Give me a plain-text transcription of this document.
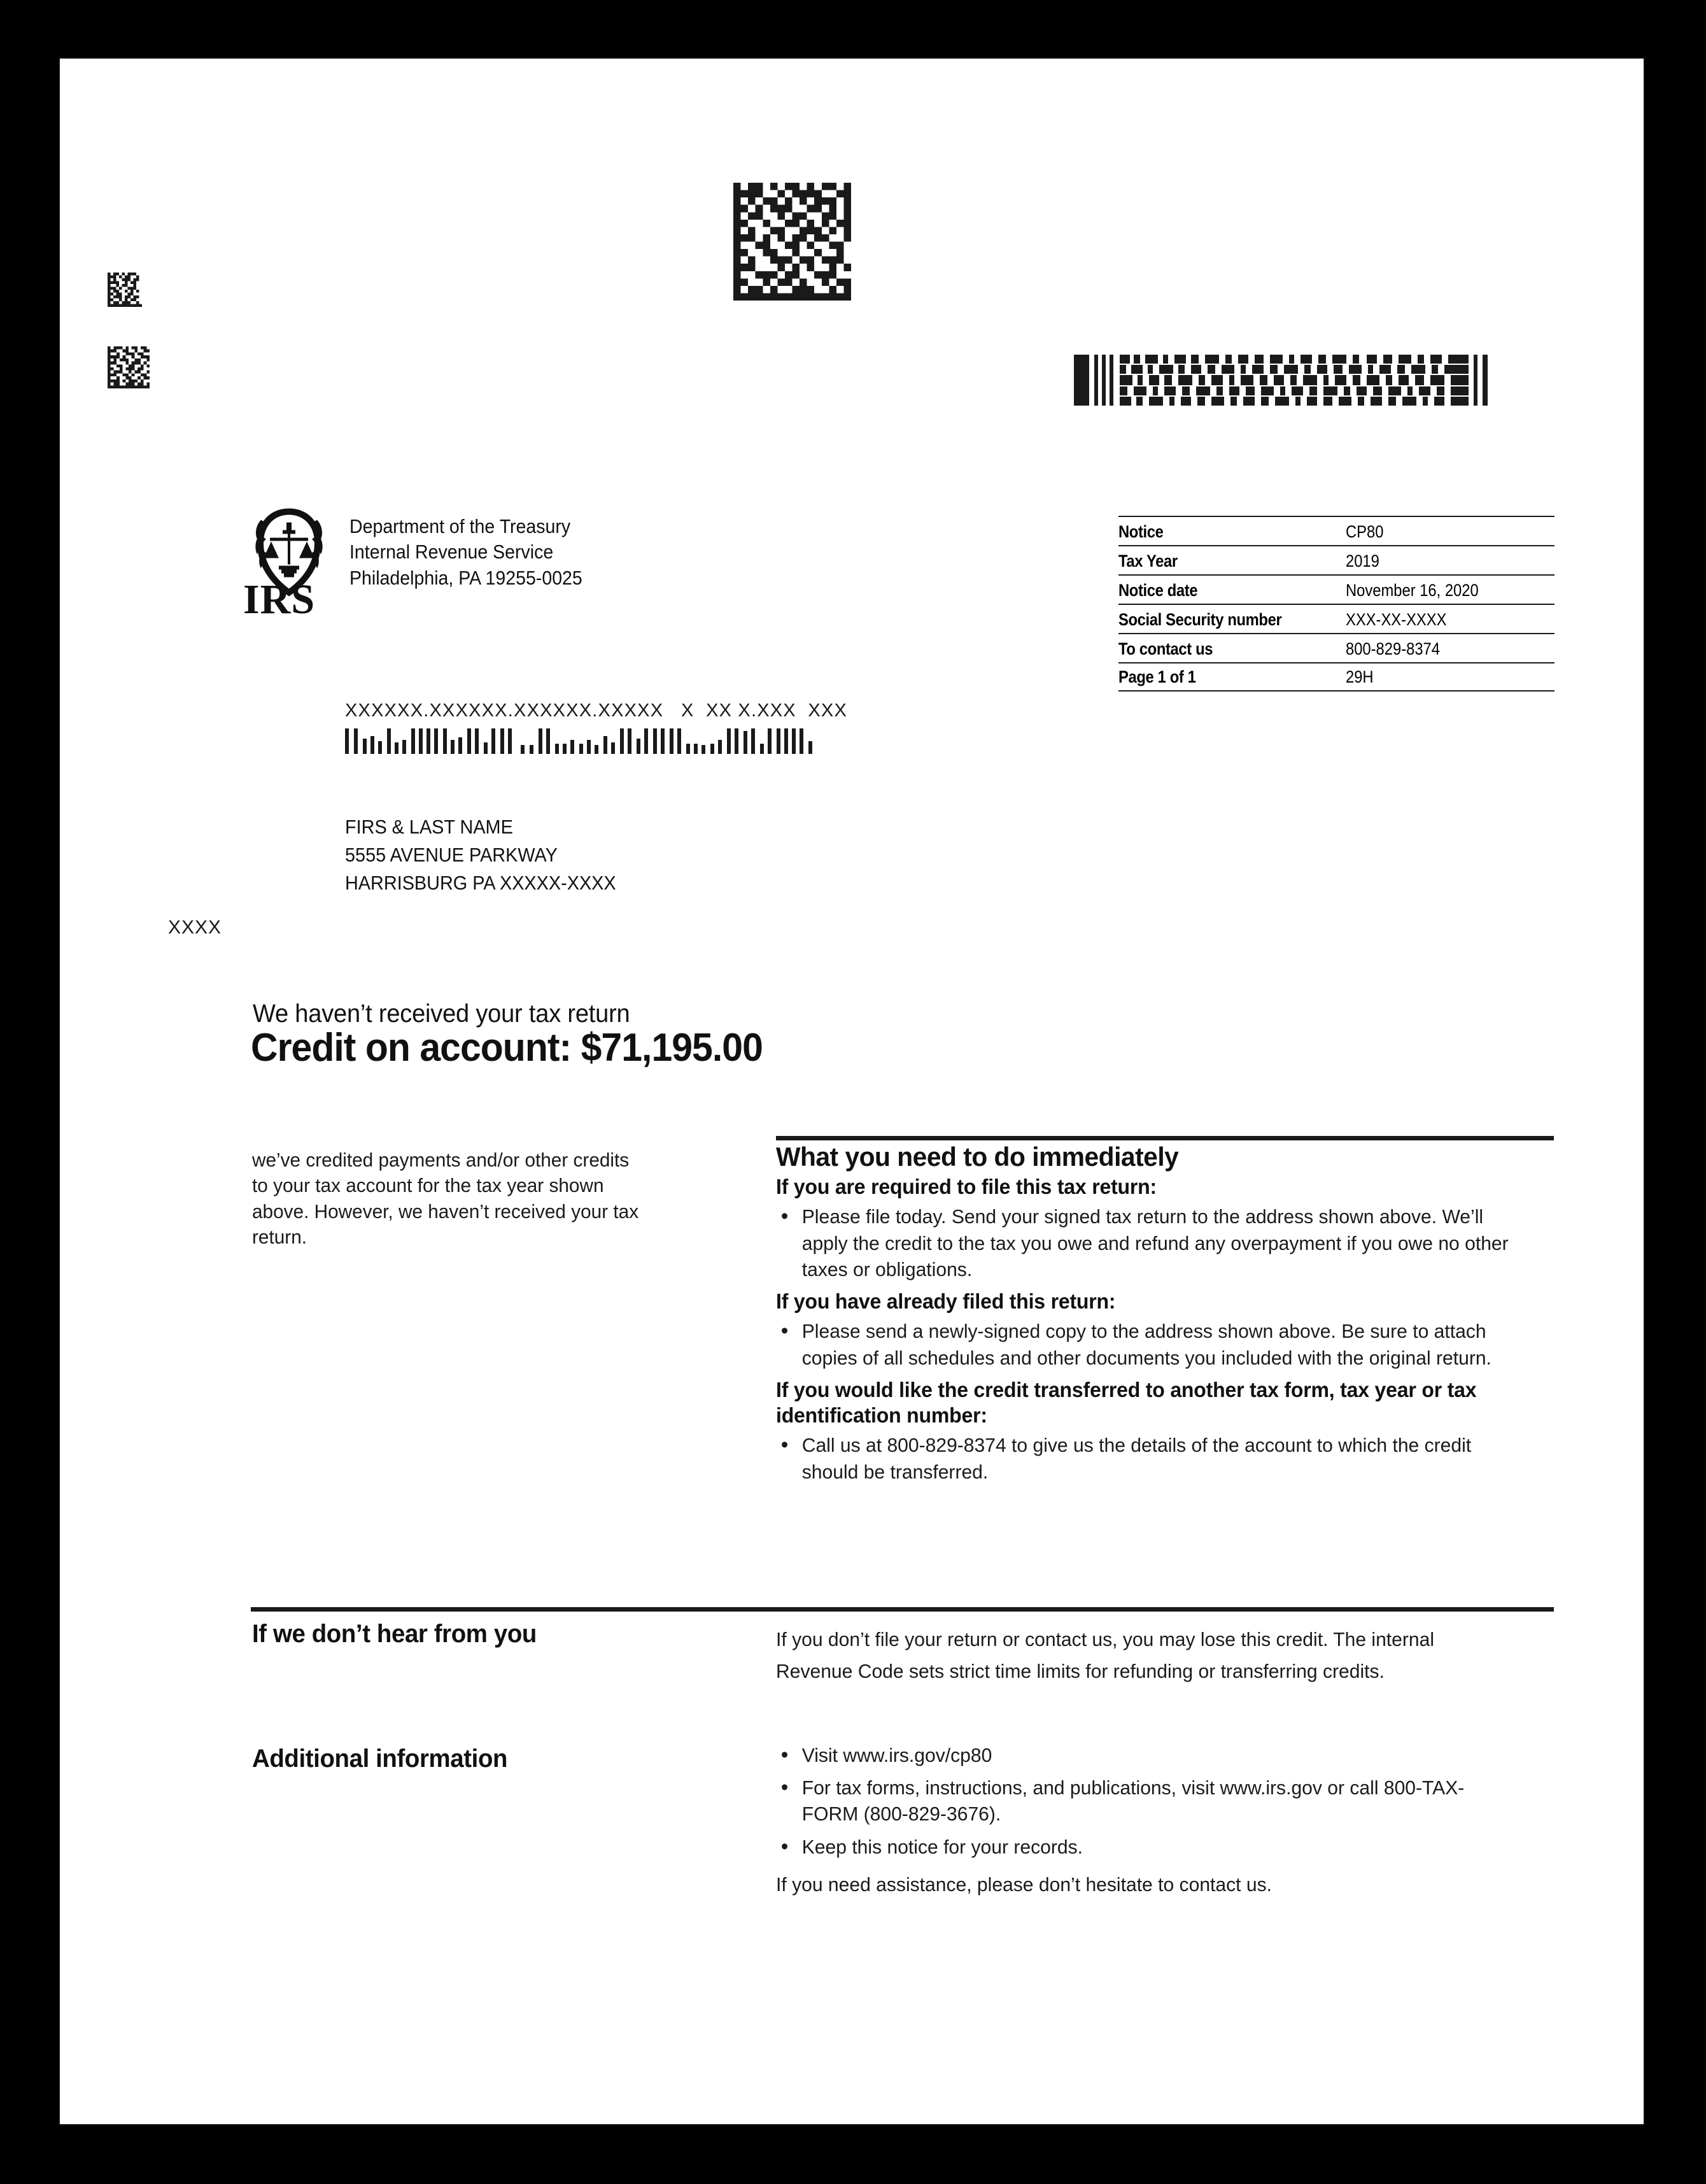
IRS
Department of the Treasury
Internal Revenue Service
Philadelphia, PA 19255-0025
Notice	CP80
Tax Year	2019
Notice date	November 16, 2020
Social Security number	XXX-XX-XXXX
To contact us	800-829-8374
Page 1 of 1	29H
XXXXXX.XXXXXX.XXXXXX.XXXXX   X  XX X.XXX  XXX
FIRS & LAST NAME
5555 AVENUE PARKWAY
HARRISBURG PA XXXXX-XXXX
XXXX
We haven’t received your tax return
Credit on account: $71,195.00

we’ve credited payments and/or other credits to your tax account for the tax year shown above. However, we haven’t received your tax return.

What you need to do immediately
If you are required to file this tax return:
• Please file today. Send your signed tax return to the address shown above. We’ll apply the credit to the tax you owe and refund any overpayment if you owe no other taxes or obligations.
If you have already filed this return:
• Please send a newly-signed copy to the address shown above. Be sure to attach copies of all schedules and other documents you included with the original return.
If you would like the credit transferred to another tax form, tax year or tax identification number:
• Call us at 800-829-8374 to give us the details of the account to which the credit should be transferred.
If we don’t hear from you	If you don’t file your return or contact us, you may lose this credit. The internal Revenue Code sets strict time limits for refunding or transferring credits.

Additional information	• Visit www.irs.gov/cp80
• For tax forms, instructions, and publications, visit www.irs.gov or call 800-TAX-FORM (800-829-3676).
• Keep this notice for your records.

If you need assistance, please don’t hesitate to contact us.
